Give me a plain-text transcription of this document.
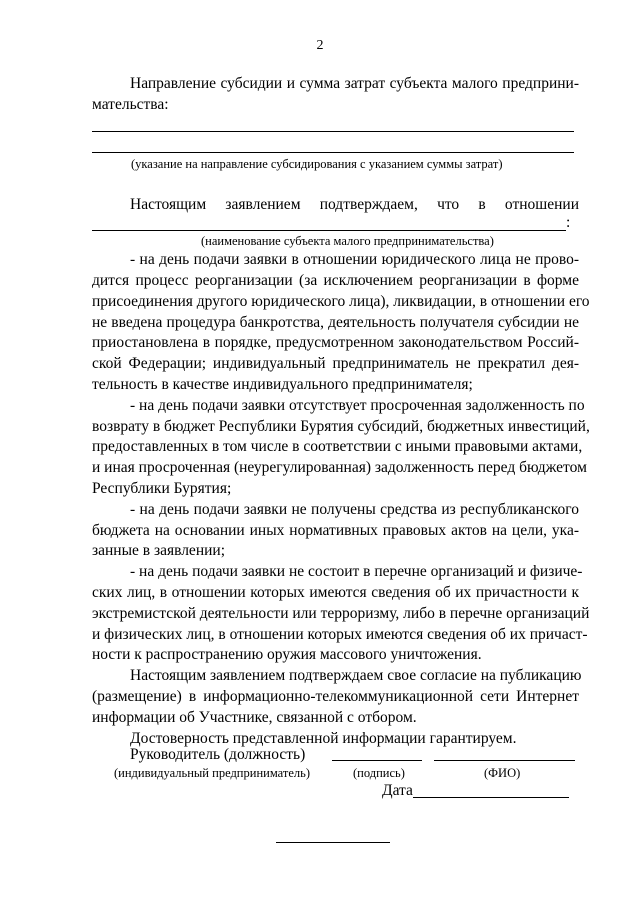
2
Направление субсидии и сумма затрат субъекта малого предприни-
мательства:
(указание на направление субсидирования с указанием суммы затрат)
Настоящим заявлением подтверждаем, что в отношении
:
(наименование субъекта малого предпринимательства)
- на день подачи заявки в отношении юридического лица не прово-
дится процесс реорганизации (за исключением реорганизации в форме
присоединения другого юридического лица), ликвидации, в отношении его
не введена процедура банкротства, деятельность получателя субсидии не
приостановлена в порядке, предусмотренном законодательством Россий-
ской Федерации; индивидуальный предприниматель не прекратил дея-
тельность в качестве индивидуального предпринимателя;
- на день подачи заявки отсутствует просроченная задолженность по
возврату в бюджет Республики Бурятия субсидий, бюджетных инвестиций,
предоставленных в том числе в соответствии с иными правовыми актами,
и иная просроченная (неурегулированная) задолженность перед бюджетом
Республики Бурятия;
- на день подачи заявки не получены средства из республиканского
бюджета на основании иных нормативных правовых актов на цели, ука-
занные в заявлении;
- на день подачи заявки не состоит в перечне организаций и физиче-
ских лиц, в отношении которых имеются сведения об их причастности к
экстремистской деятельности или терроризму, либо в перечне организаций
и физических лиц, в отношении которых имеются сведения об их причаст-
ности к распространению оружия массового уничтожения.
Настоящим заявлением подтверждаем свое согласие на публикацию
(размещение) в информационно-телекоммуникационной сети Интернет
информации об Участнике, связанной с отбором.
Достоверность представленной информации гарантируем.
Руководитель (должность)
(индивидуальный предприниматель)	(подпись)	(ФИО)
Дата
